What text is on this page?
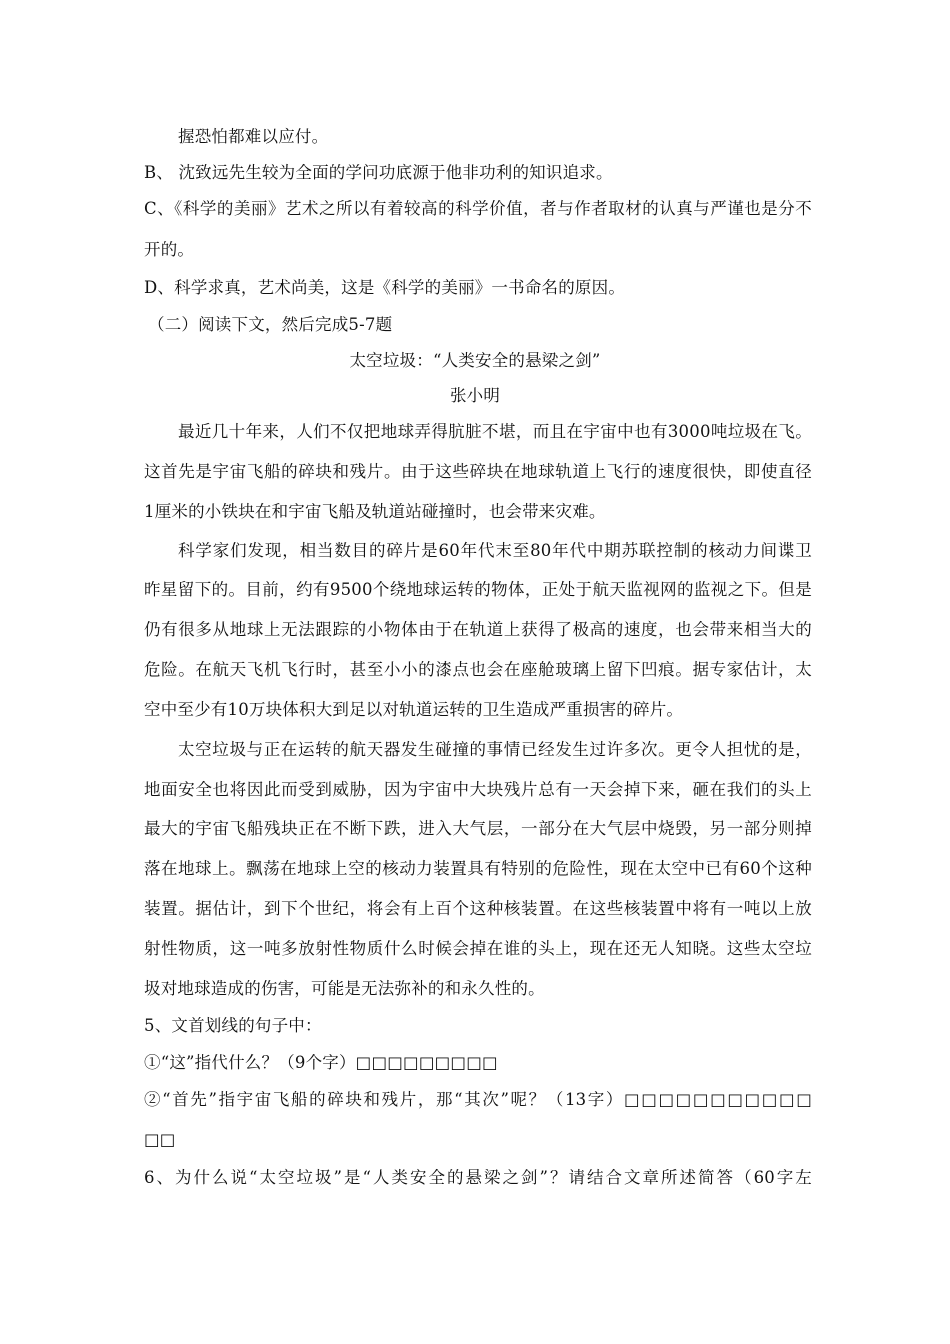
握恐怕都难以应付。
B、 沈致远先生较为全面的学问功底源于他非功利的知识追求。
C、《科学的美丽》艺术之所以有着较高的科学价值，者与作者取材的认真与严谨也是分不
开的。
D、科学求真，艺术尚美，这是《科学的美丽》一书命名的原因。
（二）阅读下文，然后完成5-7题
太空垃圾：“人类安全的悬梁之剑”
张小明
最近几十年来，人们不仅把地球弄得肮脏不堪，而且在宇宙中也有3000吨垃圾在飞。
这首先是宇宙飞船的碎块和残片。由于这些碎块在地球轨道上飞行的速度很快，即使直径
1厘米的小铁块在和宇宙飞船及轨道站碰撞时，也会带来灾难。
科学家们发现，相当数目的碎片是60年代末至80年代中期苏联控制的核动力间谍卫
昨星留下的。目前，约有9500个绕地球运转的物体，正处于航天监视网的监视之下。但是
仍有很多从地球上无法跟踪的小物体由于在轨道上获得了极高的速度，也会带来相当大的
危险。在航天飞机飞行时，甚至小小的漆点也会在座舱玻璃上留下凹痕。据专家估计，太
空中至少有10万块体积大到足以对轨道运转的卫生造成严重损害的碎片。
太空垃圾与正在运转的航天器发生碰撞的事情已经发生过许多次。更令人担忧的是，
地面安全也将因此而受到威胁，因为宇宙中大块残片总有一天会掉下来，砸在我们的头上
最大的宇宙飞船残块正在不断下跌，进入大气层，一部分在大气层中烧毁，另一部分则掉
落在地球上。飘荡在地球上空的核动力装置具有特别的危险性，现在太空中已有60个这种
装置。据估计，到下个世纪，将会有上百个这种核装置。在这些核装置中将有一吨以上放
射性物质，这一吨多放射性物质什么时候会掉在谁的头上，现在还无人知晓。这些太空垃
圾对地球造成的伤害，可能是无法弥补的和永久性的。
5、文首划线的句子中：
①“这”指代什么？（9个字）□□□□□□□□□
②“首先”指宇宙飞船的碎块和残片，那“其次”呢？（13字）□□□□□□□□□□□
□□
6、为什么说“太空垃圾”是“人类安全的悬梁之剑”？请结合文章所述简答（60字左
